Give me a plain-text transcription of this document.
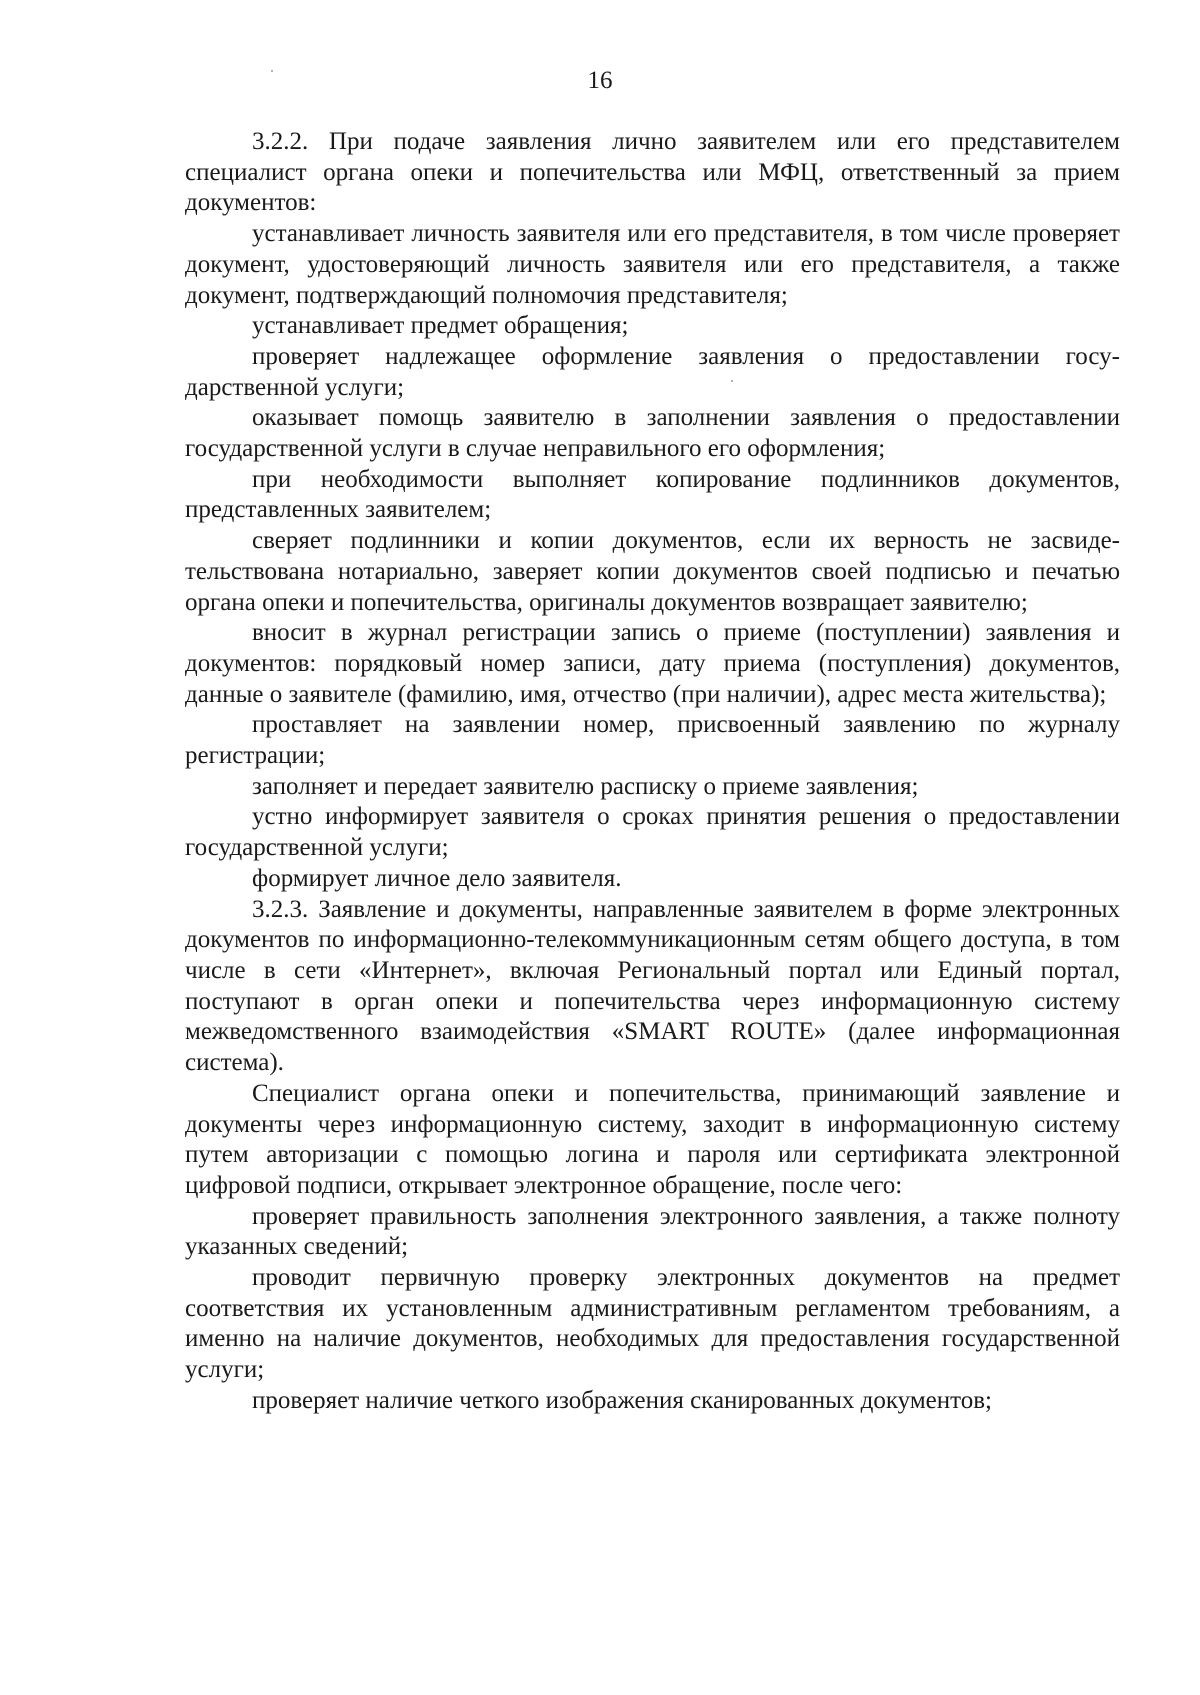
16

3.2.2. При подаче заявления лично заявителем или его представителем специалист органа опеки и попечительства или МФЦ, ответственный за прием документов:

устанавливает личность заявителя или его представителя, в том числе проверяет документ, удостоверяющий личность заявителя или его представителя, а также документ, подтверждающий полномочия представителя;

устанавливает предмет обращения;

проверяет надлежащее оформление заявления о предоставлении государственной услуги;

оказывает помощь заявителю в заполнении заявления о предоставлении государственной услуги в случае неправильного его оформления;

при необходимости выполняет копирование подлинников документов, представленных заявителем;

сверяет подлинники и копии документов, если их верность не засвидетельствована нотариально, заверяет копии документов своей подписью и печатью органа опеки и попечительства, оригиналы документов возвращает заявителю;

вносит в журнал регистрации запись о приеме (поступлении) заявления и документов: порядковый номер записи, дату приема (поступления) документов, данные о заявителе (фамилию, имя, отчество (при наличии), адрес места жительства);

проставляет на заявлении номер, присвоенный заявлению по журналу регистрации;

заполняет и передает заявителю расписку о приеме заявления;

устно информирует заявителя о сроках принятия решения о предоставлении государственной услуги;

формирует личное дело заявителя.

3.2.3. Заявление и документы, направленные заявителем в форме электронных документов по информационно-телекоммуникационным сетям общего доступа, в том числе в сети «Интернет», включая Региональный портал или Единый портал, поступают в орган опеки и попечительства через информационную систему межведомственного взаимодействия «SMART ROUTE» (далее информационная система).

Специалист органа опеки и попечительства, принимающий заявление и документы через информационную систему, заходит в информационную систему путем авторизации с помощью логина и пароля или сертификата электронной цифровой подписи, открывает электронное обращение, после чего:

проверяет правильность заполнения электронного заявления, а также полноту указанных сведений;

проводит первичную проверку электронных документов на предмет соответствия их установленным административным регламентом требованиям, а именно на наличие документов, необходимых для предоставления государственной услуги;

проверяет наличие четкого изображения сканированных документов;
